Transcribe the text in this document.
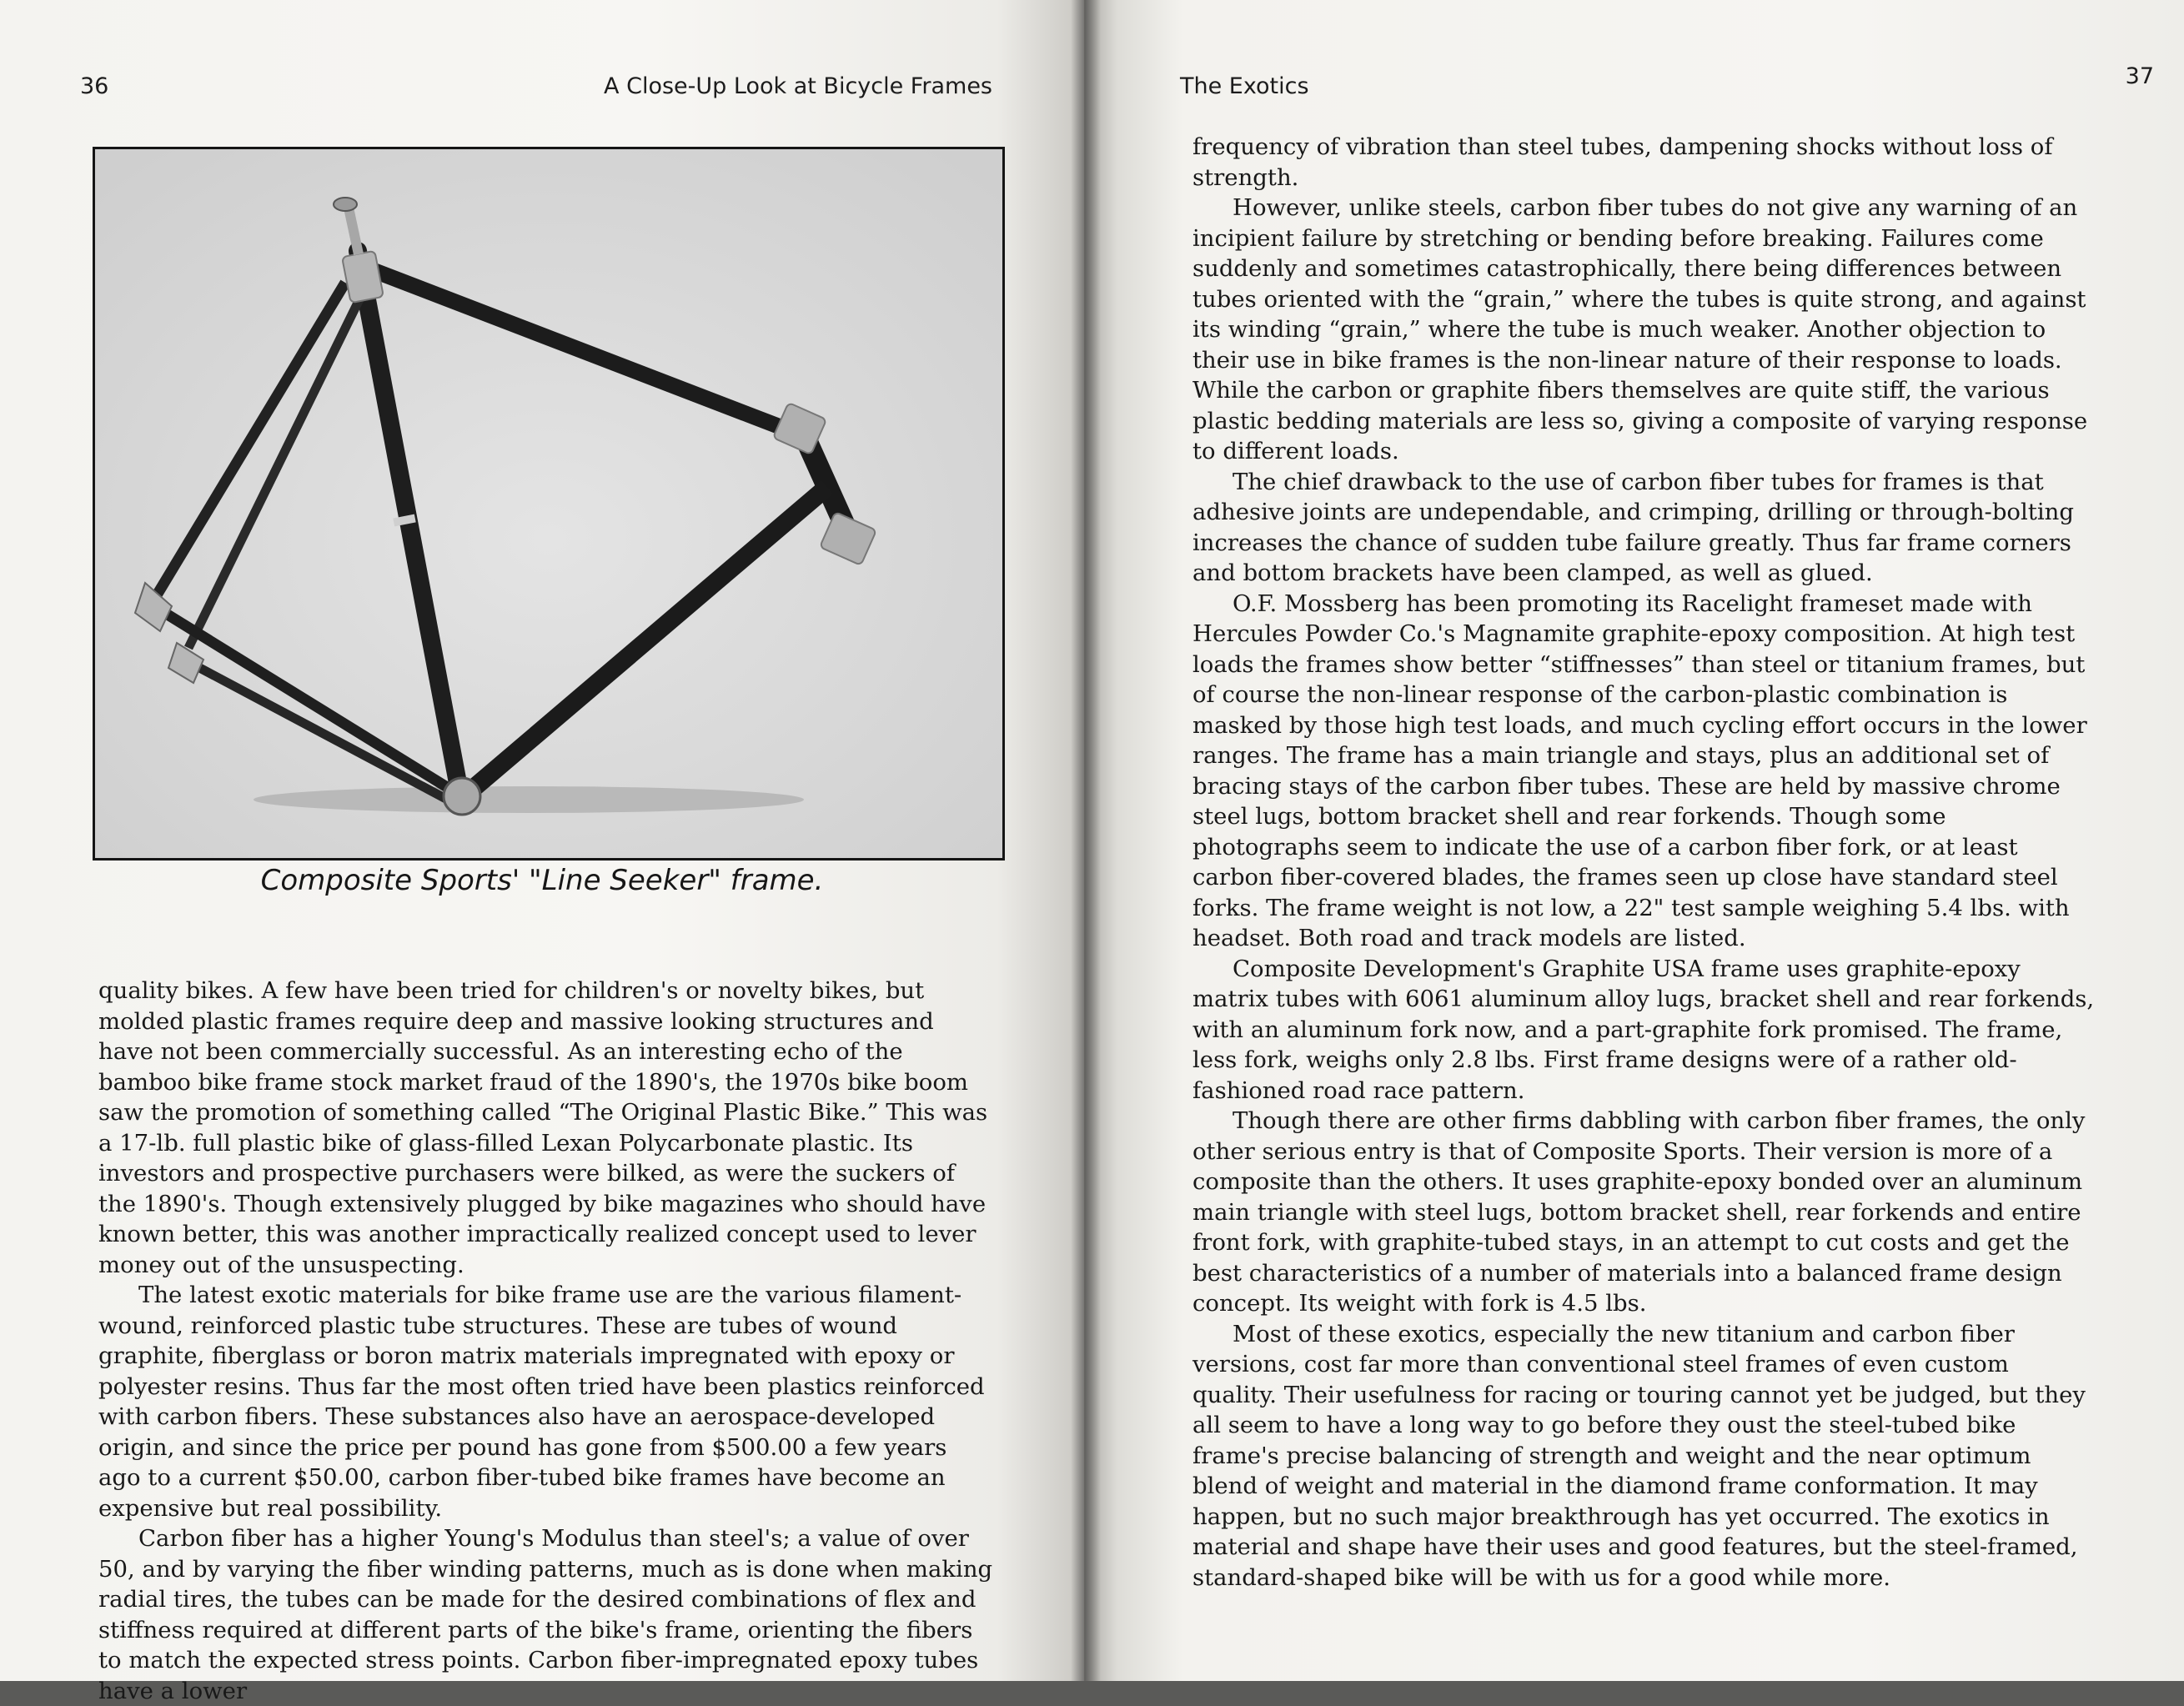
36	A Close-Up Look at Bicycle Frames
Composite Sports' "Line Seeker" frame.

quality bikes. A few have been tried for children's or novelty bikes, but molded plastic frames require deep and massive looking structures and have not been commercially successful. As an interesting echo of the bamboo bike frame stock market fraud of the 1890's, the 1970s bike boom saw the promotion of something called “The Original Plastic Bike.” This was a 17-lb. full plastic bike of glass-filled Lexan Polycarbonate plastic. Its investors and prospective purchasers were bilked, as were the suckers of the 1890's. Though extensively plugged by bike magazines who should have known better, this was another impractically realized concept used to lever money out of the unsuspecting.

The latest exotic materials for bike frame use are the various filament-wound, reinforced plastic tube structures. These are tubes of wound graphite, fiberglass or boron matrix materials impregnated with epoxy or polyester resins. Thus far the most often tried have been plastics reinforced with carbon fibers. These substances also have an aerospace-developed origin, and since the price per pound has gone from $500.00 a few years ago to a current $50.00, carbon fiber-tubed bike frames have become an expensive but real possibility.

Carbon fiber has a higher Young's Modulus than steel's; a value of over 50, and by varying the fiber winding patterns, much as is done when making radial tires, the tubes can be made for the desired combinations of flex and stiffness required at different parts of the bike's frame, orienting the fibers to match the expected stress points. Carbon fiber-impregnated epoxy tubes have a lower

The Exotics	37

frequency of vibration than steel tubes, dampening shocks without loss of strength.

However, unlike steels, carbon fiber tubes do not give any warning of an incipient failure by stretching or bending before breaking. Failures come suddenly and sometimes catastrophically, there being differences between tubes oriented with the “grain,” where the tubes is quite strong, and against its winding “grain,” where the tube is much weaker. Another objection to their use in bike frames is the non-linear nature of their response to loads. While the carbon or graphite fibers themselves are quite stiff, the various plastic bedding materials are less so, giving a composite of varying response to different loads.

The chief drawback to the use of carbon fiber tubes for frames is that adhesive joints are undependable, and crimping, drilling or through-bolting increases the chance of sudden tube failure greatly. Thus far frame corners and bottom brackets have been clamped, as well as glued.

O.F. Mossberg has been promoting its Racelight frameset made with Hercules Powder Co.'s Magnamite graphite-epoxy composition. At high test loads the frames show better “stiffnesses” than steel or titanium frames, but of course the non-linear response of the carbon-plastic combination is masked by those high test loads, and much cycling effort occurs in the lower ranges. The frame has a main triangle and stays, plus an additional set of bracing stays of the carbon fiber tubes. These are held by massive chrome steel lugs, bottom bracket shell and rear forkends. Though some photographs seem to indicate the use of a carbon fiber fork, or at least carbon fiber-covered blades, the frames seen up close have standard steel forks. The frame weight is not low, a 22" test sample weighing 5.4 lbs. with headset. Both road and track models are listed.

Composite Development's Graphite USA frame uses graphite-epoxy matrix tubes with 6061 aluminum alloy lugs, bracket shell and rear forkends, with an aluminum fork now, and a part-graphite fork promised. The frame, less fork, weighs only 2.8 lbs. First frame designs were of a rather old-fashioned road race pattern.

Though there are other firms dabbling with carbon fiber frames, the only other serious entry is that of Composite Sports. Their version is more of a composite than the others. It uses graphite-epoxy bonded over an aluminum main triangle with steel lugs, bottom bracket shell, rear forkends and entire front fork, with graphite-tubed stays, in an attempt to cut costs and get the best characteristics of a number of materials into a balanced frame design concept. Its weight with fork is 4.5 lbs.

Most of these exotics, especially the new titanium and carbon fiber versions, cost far more than conventional steel frames of even custom quality. Their usefulness for racing or touring cannot yet be judged, but they all seem to have a long way to go before they oust the steel-tubed bike frame's precise balancing of strength and weight and the near optimum blend of weight and material in the diamond frame conformation. It may happen, but no such major breakthrough has yet occurred. The exotics in material and shape have their uses and good features, but the steel-framed, standard-shaped bike will be with us for a good while more.
